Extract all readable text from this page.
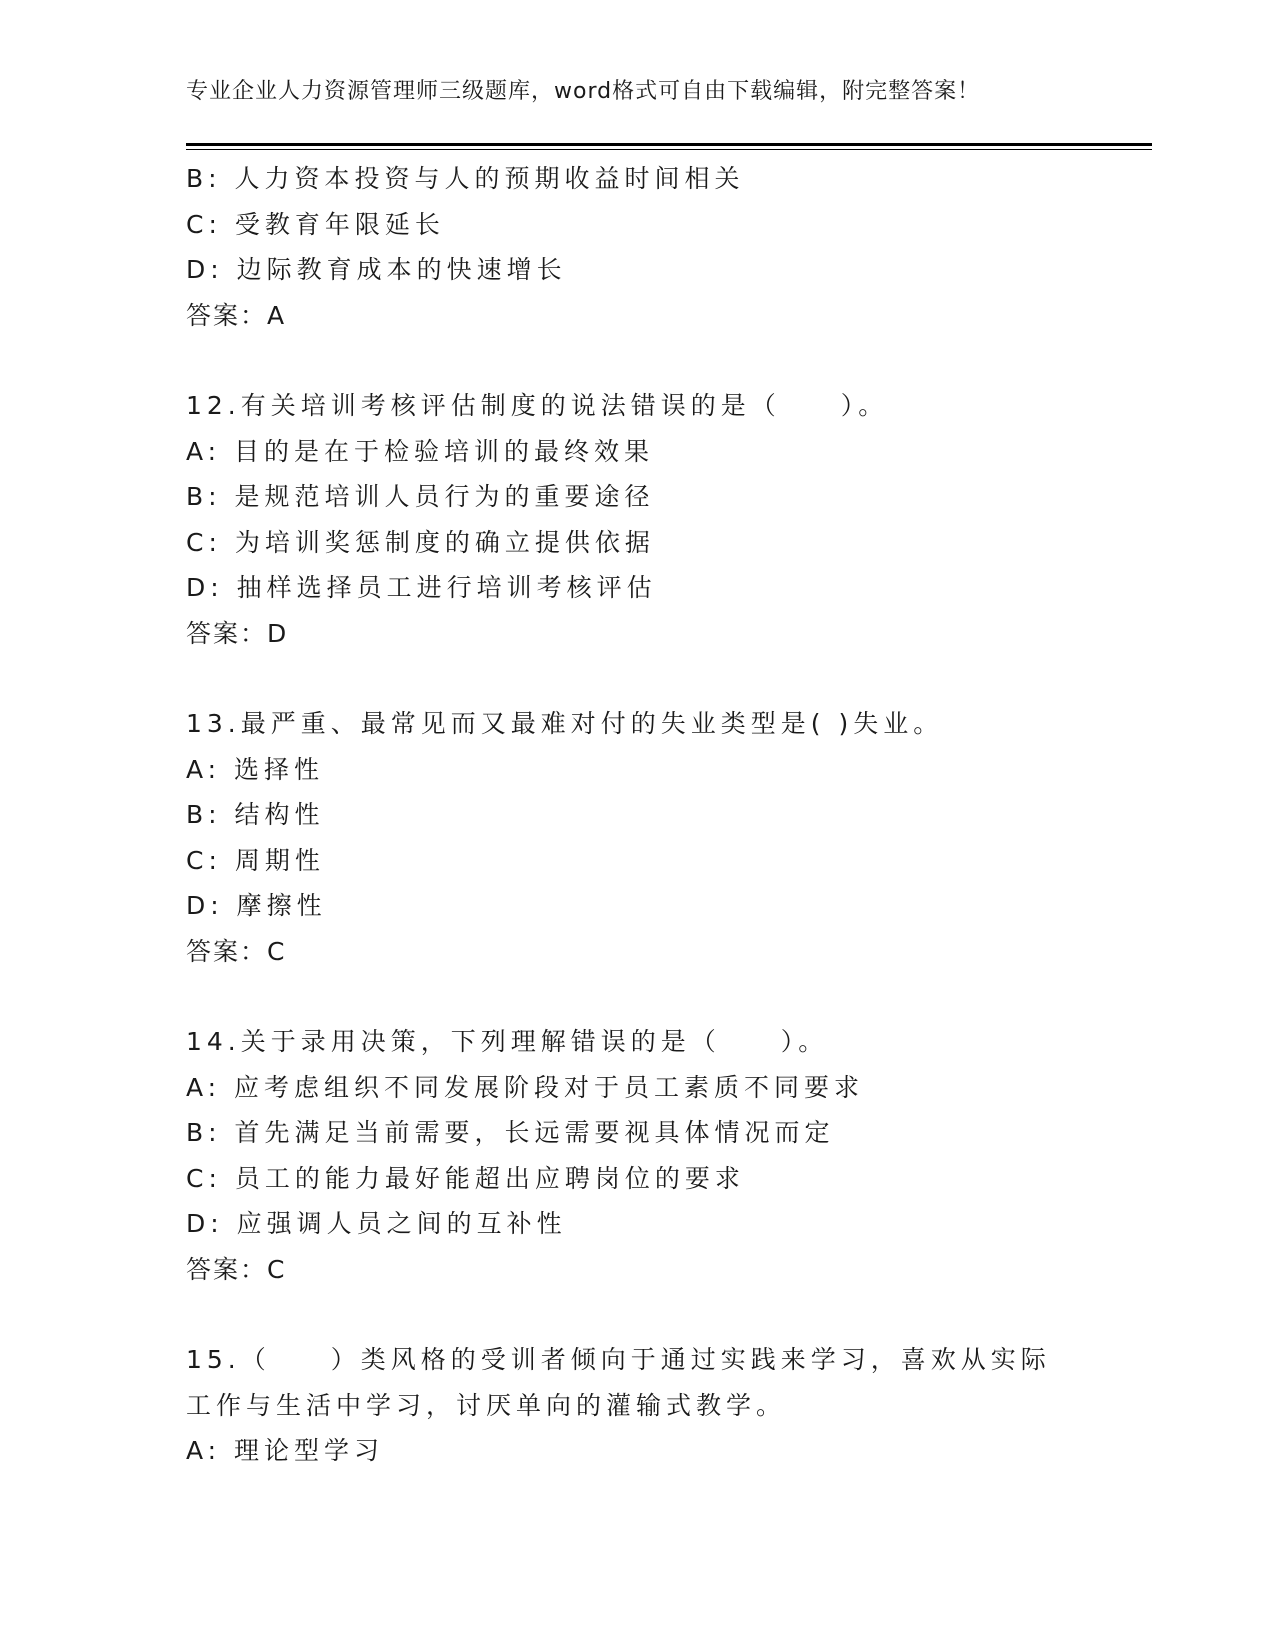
专业企业人力资源管理师三级题库，word格式可自由下载编辑，附完整答案！
B: 人力资本投资与人的预期收益时间相关
C: 受教育年限延长
D: 边际教育成本的快速增长
答案：A
12.有关培训考核评估制度的说法错误的是（　　）。
A: 目的是在于检验培训的最终效果
B: 是规范培训人员行为的重要途径
C: 为培训奖惩制度的确立提供依据
D: 抽样选择员工进行培训考核评估
答案：D
13.最严重、最常见而又最难对付的失业类型是( )失业。
A: 选择性
B: 结构性
C: 周期性
D: 摩擦性
答案：C
14.关于录用决策，下列理解错误的是（　　）。
A: 应考虑组织不同发展阶段对于员工素质不同要求
B: 首先满足当前需要，长远需要视具体情况而定
C: 员工的能力最好能超出应聘岗位的要求
D: 应强调人员之间的互补性
答案：C
15.（　　）类风格的受训者倾向于通过实践来学习，喜欢从实际工作与生活中学习，讨厌单向的灌输式教学。
A: 理论型学习
